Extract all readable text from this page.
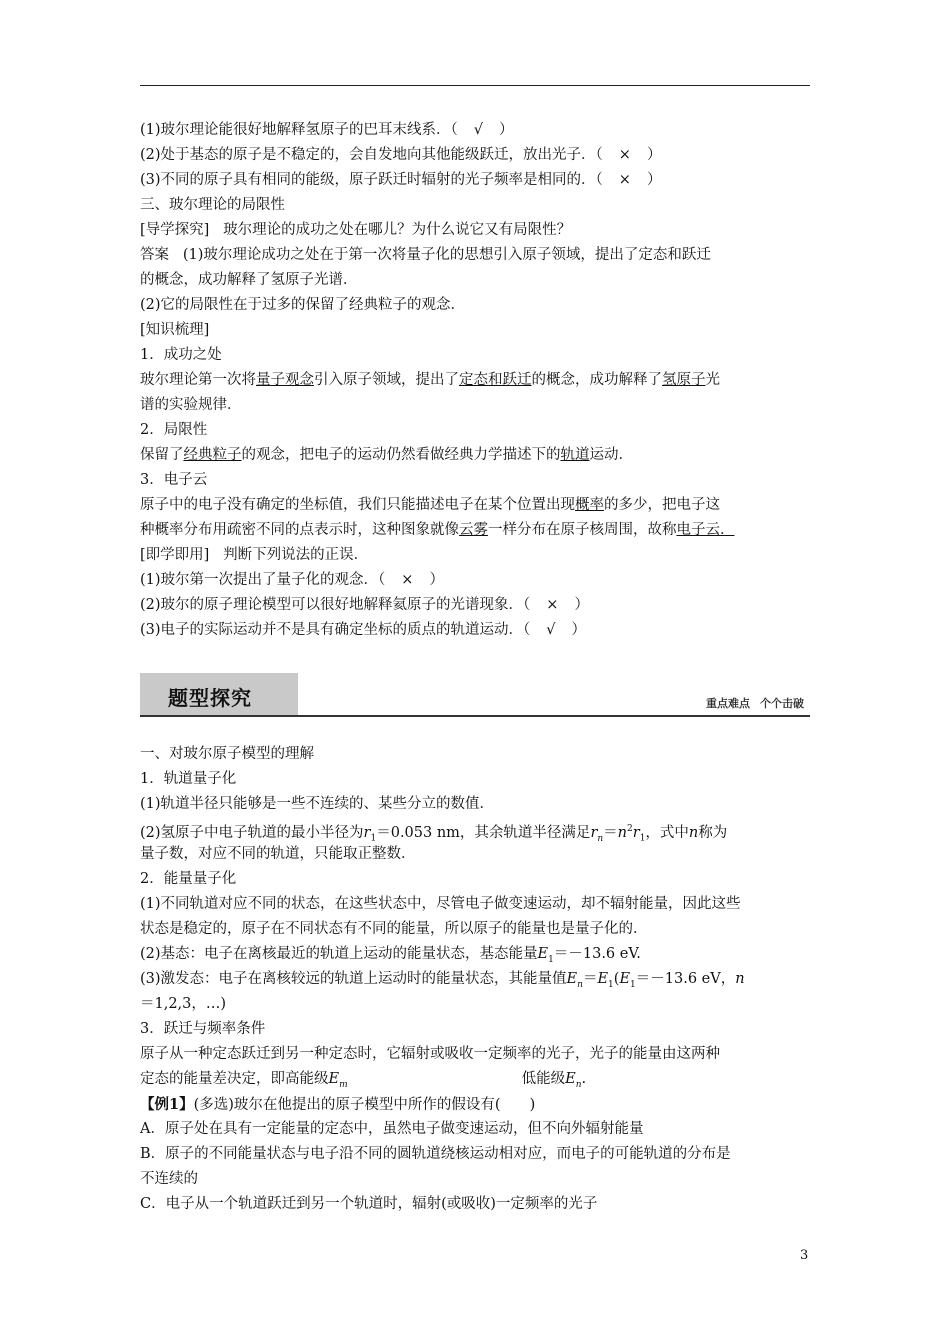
(1)玻尔理论能很好地解释氢原子的巴耳末线系．（ √ ）
(2)处于基态的原子是不稳定的，会自发地向其他能级跃迁，放出光子．（ × ）
(3)不同的原子具有相同的能级，原子跃迁时辐射的光子频率是相同的．（ × ）
三、玻尔理论的局限性
[导学探究] 玻尔理论的成功之处在哪儿？为什么说它又有局限性？
答案 (1)玻尔理论成功之处在于第一次将量子化的思想引入原子领域，提出了定态和跃迁
的概念，成功解释了氢原子光谱．
(2)它的局限性在于过多的保留了经典粒子的观念．
[知识梳理]
1．成功之处
玻尔理论第一次将量子观念引入原子领域，提出了定态和跃迁的概念，成功解释了氢原子光
谱的实验规律．
2．局限性
保留了经典粒子的观念，把电子的运动仍然看做经典力学描述下的轨道运动．
3．电子云
原子中的电子没有确定的坐标值，我们只能描述电子在某个位置出现概率的多少，把电子这
种概率分布用疏密不同的点表示时，这种图象就像云雾一样分布在原子核周围，故称电子云．
[即学即用] 判断下列说法的正误．
(1)玻尔第一次提出了量子化的观念．（ × ）
(2)玻尔的原子理论模型可以很好地解释氦原子的光谱现象．（ × ）
(3)电子的实际运动并不是具有确定坐标的质点的轨道运动．（ √ ）
题型探究	重点难点 个个击破
一、对玻尔原子模型的理解
1．轨道量子化
(1)轨道半径只能够是一些不连续的、某些分立的数值．
(2)氢原子中电子轨道的最小半径为$r_1=0.053$ nm，其余轨道半径满足$r_n=n^2r_1$，式中n称为
量子数，对应不同的轨道，只能取正整数．
2．能量量子化
(1)不同轨道对应不同的状态，在这些状态中，尽管电子做变速运动，却不辐射能量，因此这些
状态是稳定的，原子在不同状态有不同的能量，所以原子的能量也是量子化的．
(2)基态：电子在离核最近的轨道上运动的能量状态，基态能量$E_1=-13.6$ eV.
(3)激发态：电子在离核较远的轨道上运动时的能量状态，其能量值$E_n=E_1(E_1=-13.6$ eV，n
＝1,2,3，…)
3．跃迁与频率条件
原子从一种定态跃迁到另一种定态时，它辐射或吸收一定频率的光子，光子的能量由这两种
定态的能量差决定，即高能级$E_m$	低能级$E_n$.
【例1】(多选)玻尔在他提出的原子模型中所作的假设有(　　)
A．原子处在具有一定能量的定态中，虽然电子做变速运动，但不向外辐射能量
B．原子的不同能量状态与电子沿不同的圆轨道绕核运动相对应，而电子的可能轨道的分布是
不连续的
C．电子从一个轨道跃迁到另一个轨道时，辐射(或吸收)一定频率的光子
3
